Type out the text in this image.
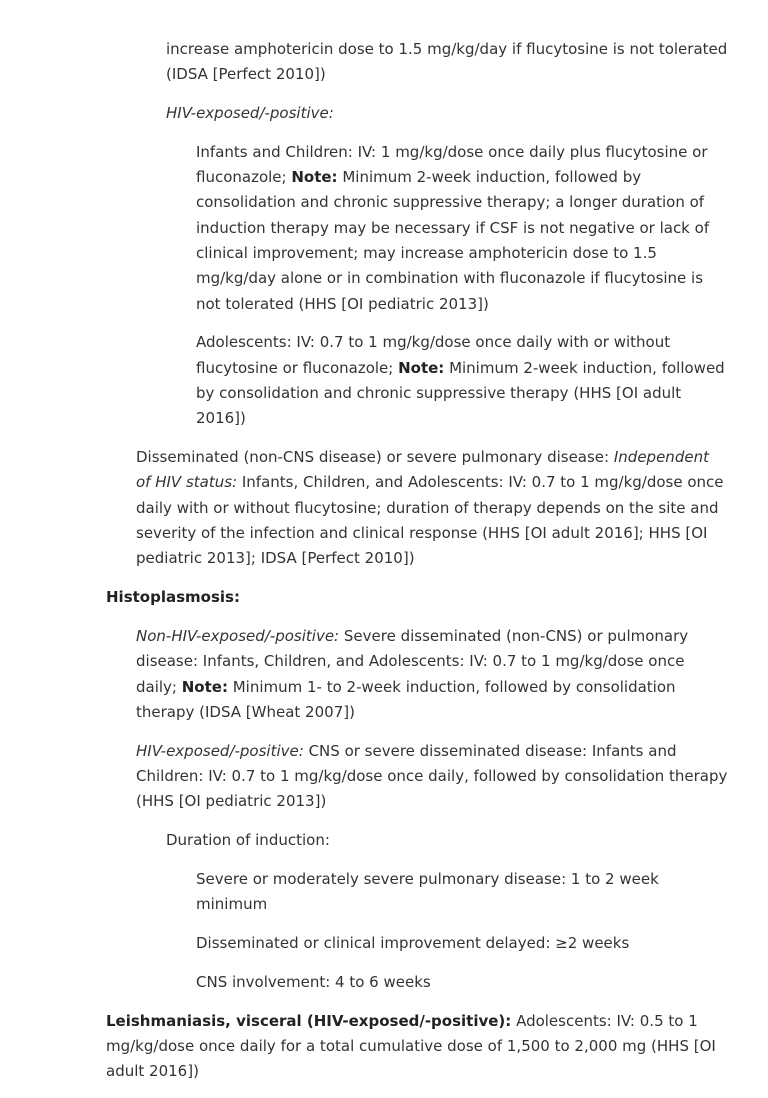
increase amphotericin dose to 1.5 mg/kg/day if flucytosine is not tolerated (IDSA [Perfect 2010])

HIV-exposed/-positive:

Infants and Children: IV: 1 mg/kg/dose once daily plus flucytosine or fluconazole; Note: Minimum 2-week induction, followed by consolidation and chronic suppressive therapy; a longer duration of induction therapy may be necessary if CSF is not negative or lack of clinical improvement; may increase amphotericin dose to 1.5 mg/kg/day alone or in combination with fluconazole if flucytosine is not tolerated (HHS [OI pediatric 2013])

Adolescents: IV: 0.7 to 1 mg/kg/dose once daily with or without flucytosine or fluconazole; Note: Minimum 2-week induction, followed by consolidation and chronic suppressive therapy (HHS [OI adult 2016])

Disseminated (non-CNS disease) or severe pulmonary disease: Independent of HIV status: Infants, Children, and Adolescents: IV: 0.7 to 1 mg/kg/dose once daily with or without flucytosine; duration of therapy depends on the site and severity of the infection and clinical response (HHS [OI adult 2016]; HHS [OI pediatric 2013]; IDSA [Perfect 2010])

Histoplasmosis:

Non-HIV-exposed/-positive: Severe disseminated (non-CNS) or pulmonary disease: Infants, Children, and Adolescents: IV: 0.7 to 1 mg/kg/dose once daily; Note: Minimum 1- to 2-week induction, followed by consolidation therapy (IDSA [Wheat 2007])

HIV-exposed/-positive: CNS or severe disseminated disease: Infants and Children: IV: 0.7 to 1 mg/kg/dose once daily, followed by consolidation therapy (HHS [OI pediatric 2013])

Duration of induction:

Severe or moderately severe pulmonary disease: 1 to 2 week minimum

Disseminated or clinical improvement delayed: ≥2 weeks

CNS involvement: 4 to 6 weeks

Leishmaniasis, visceral (HIV-exposed/-positive): Adolescents: IV: 0.5 to 1 mg/kg/dose once daily for a total cumulative dose of 1,500 to 2,000 mg (HHS [OI adult 2016])
